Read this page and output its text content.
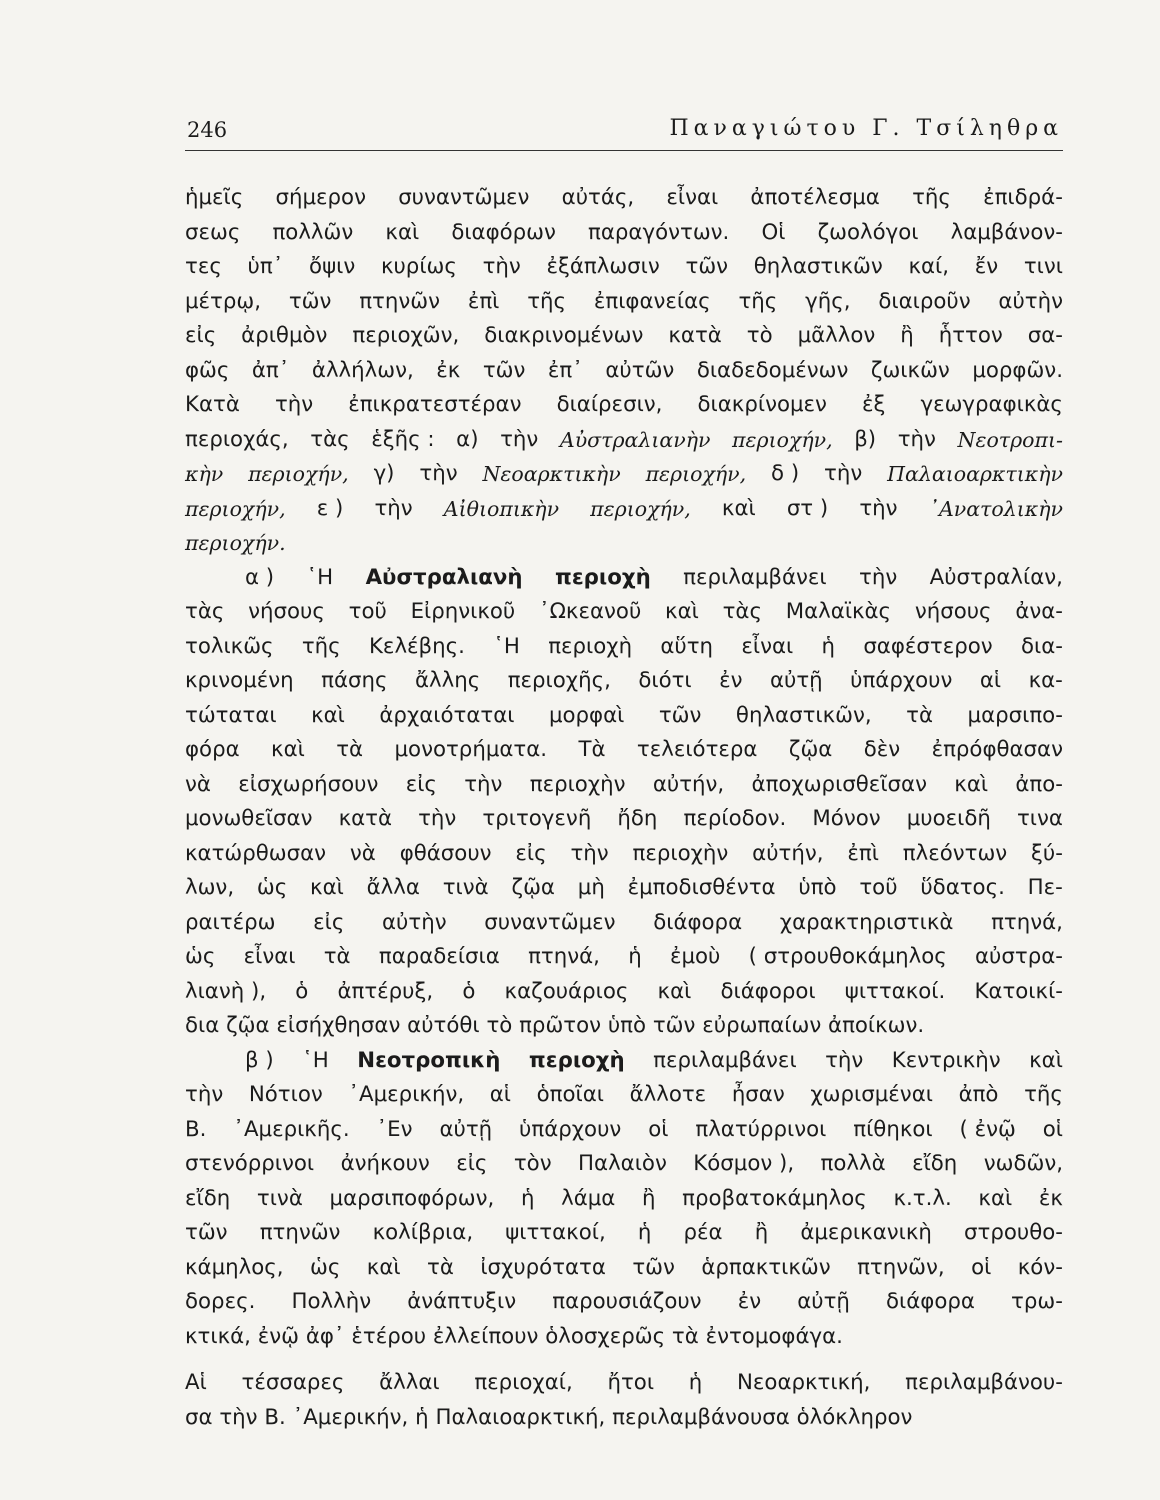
246	Παναγιώτου Γ. Τσίληθρα
ἡμεῖς σήμερον συναντῶμεν αὐτάς, εἶναι ἀποτέλεσμα τῆς ἐπιδρά-
σεως πολλῶν καὶ διαφόρων παραγόντων. Οἱ ζωολόγοι λαμβάνον-
τες ὑπ᾽ ὄψιν κυρίως τὴν ἐξάπλωσιν τῶν θηλαστικῶν καί, ἔν τινι
μέτρῳ, τῶν πτηνῶν ἐπὶ τῆς ἐπιφανείας τῆς γῆς, διαιροῦν αὐτὴν
εἰς ἀριθμὸν περιοχῶν, διακρινομένων κατὰ τὸ μᾶλλον ἢ ἧττον σα-
φῶς ἀπ᾽ ἀλλήλων, ἐκ τῶν ἐπ᾽ αὐτῶν διαδεδομένων ζωικῶν μορφῶν.
Κατὰ τὴν ἐπικρατεστέραν διαίρεσιν, διακρίνομεν ἐξ γεωγραφικὰς
περιοχάς, τὰς ἑξῆς : α) τὴν Αὐστραλιανὴν περιοχήν, β) τὴν Νεοτροπι-
κὴν περιοχήν, γ) τὴν Νεοαρκτικὴν περιοχήν, δ ) τὴν Παλαιοαρκτικὴν
περιοχήν, ε ) τὴν Αἰθιοπικὴν περιοχήν, καὶ στ ) τὴν ᾿Ανατολικὴν
περιοχήν.
α ) ῾Η Αὐστραλιανὴ περιοχὴ περιλαμβάνει τὴν Αὐστραλίαν,
τὰς νήσους τοῦ Εἰρηνικοῦ ᾿Ωκεανοῦ καὶ τὰς Μαλαϊκὰς νήσους ἀνα-
τολικῶς τῆς Κελέβης. ῾Η περιοχὴ αὕτη εἶναι ἡ σαφέστερον δια-
κρινομένη πάσης ἄλλης περιοχῆς, διότι ἐν αὐτῇ ὑπάρχουν αἱ κα-
τώταται καὶ ἀρχαιόταται μορφαὶ τῶν θηλαστικῶν, τὰ μαρσιπο-
φόρα καὶ τὰ μονοτρήματα. Τὰ τελειότερα ζῷα δὲν ἐπρόφθασαν
νὰ εἰσχωρήσουν εἰς τὴν περιοχὴν αὐτήν, ἀποχωρισθεῖσαν καὶ ἀπο-
μονωθεῖσαν κατὰ τὴν τριτογενῆ ἤδη περίοδον. Μόνον μυοειδῆ τινα
κατώρθωσαν νὰ φθάσουν εἰς τὴν περιοχὴν αὐτήν, ἐπὶ πλεόντων ξύ-
λων, ὡς καὶ ἄλλα τινὰ ζῷα μὴ ἐμποδισθέντα ὑπὸ τοῦ ὕδατος. Πε-
ραιτέρω εἰς αὐτὴν συναντῶμεν διάφορα χαρακτηριστικὰ πτηνά,
ὡς εἶναι τὰ παραδείσια πτηνά, ἡ ἐμοὺ ( στρουθοκάμηλος αὐστρα-
λιανὴ ), ὁ ἀπτέρυξ, ὁ καζουάριος καὶ διάφοροι ψιττακοί. Κατοικί-
δια ζῷα εἰσήχθησαν αὐτόθι τὸ πρῶτον ὑπὸ τῶν εὐρωπαίων ἀποίκων.
β ) ῾Η Νεοτροπικὴ περιοχὴ περιλαμβάνει τὴν Κεντρικὴν καὶ
τὴν Νότιον ᾿Αμερικήν, αἱ ὁποῖαι ἄλλοτε ἦσαν χωρισμέναι ἀπὸ τῆς
Β. ᾿Αμερικῆς. ᾿Εν αὐτῇ ὑπάρχουν οἱ πλατύρρινοι πίθηκοι ( ἐνῷ οἱ
στενόρρινοι ἀνήκουν εἰς τὸν Παλαιὸν Κόσμον ), πολλὰ εἴδη νωδῶν,
εἴδη τινὰ μαρσιποφόρων, ἡ λάμα ἢ προβατοκάμηλος κ.τ.λ. καὶ ἐκ
τῶν πτηνῶν κολίβρια, ψιττακοί, ἡ ρέα ἢ ἀμερικανικὴ στρουθο-
κάμηλος, ὡς καὶ τὰ ἰσχυρότατα τῶν ἁρπακτικῶν πτηνῶν, οἱ κόν-
δορες. Πολλὴν ἀνάπτυξιν παρουσιάζουν ἐν αὐτῇ διάφορα τρω-
κτικά, ἐνῷ ἀφ᾽ ἑτέρου ἐλλείπουν ὁλοσχερῶς τὰ ἐντομοφάγα.
Αἱ τέσσαρες ἄλλαι περιοχαί, ἤτοι ἡ Νεοαρκτική, περιλαμβάνου-
σα τὴν Β. ᾿Αμερικήν, ἡ Παλαιοαρκτική, περιλαμβάνουσα ὁλόκληρον
